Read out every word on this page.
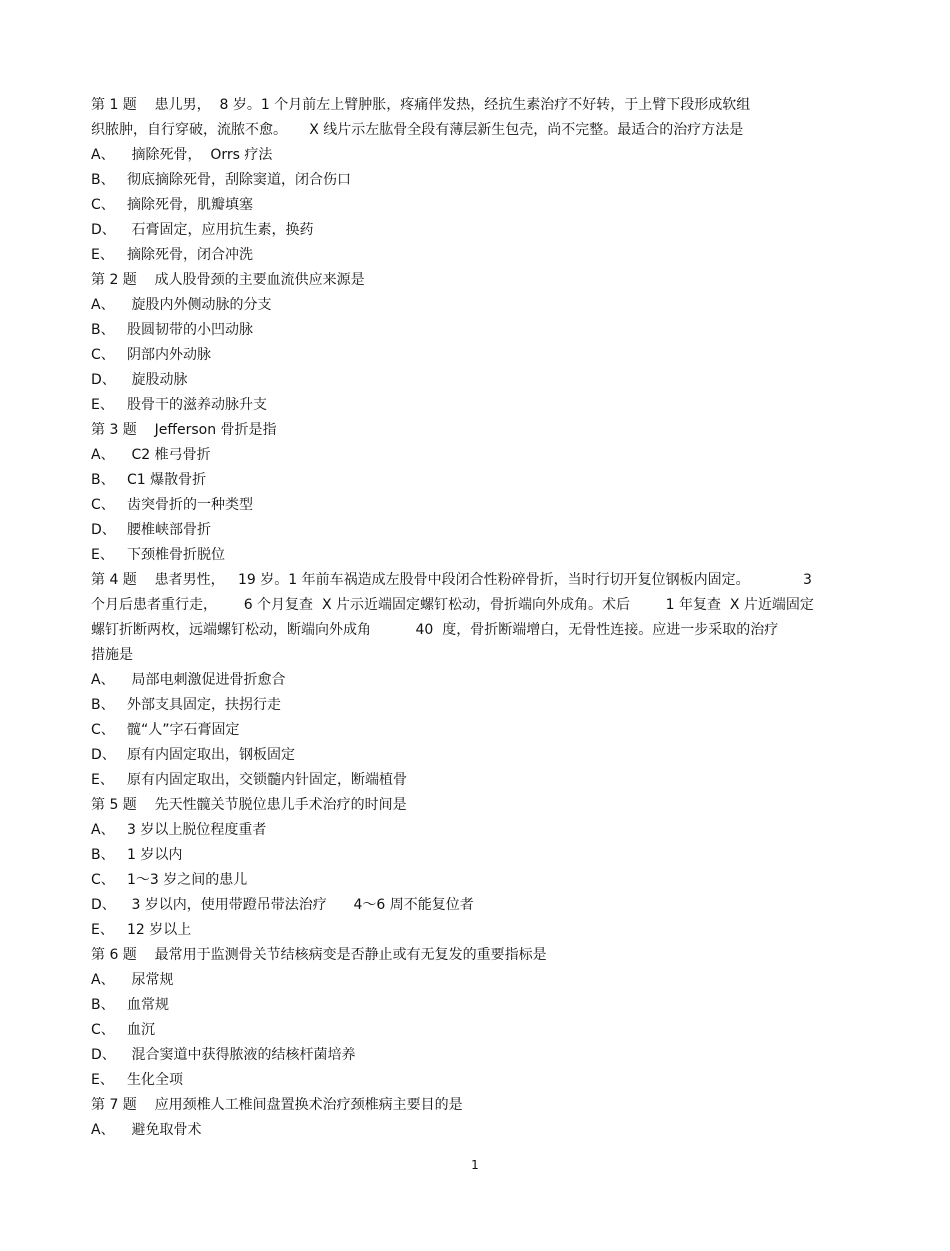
第 1 题    患儿男，  8 岁。1 个月前左上臂肿胀，疼痛伴发热，经抗生素治疗不好转，于上臂下段形成软组
织脓肿，自行穿破，流脓不愈。     X 线片示左肱骨全段有薄层新生包壳，尚不完整。最适合的治疗方法是
A、 摘除死骨，  Orrs 疗法
B、 彻底摘除死骨，刮除窦道，闭合伤口
C、 摘除死骨，肌瓣填塞
D、 石膏固定，应用抗生素，换药
E、 摘除死骨，闭合冲洗
第 2 题    成人股骨颈的主要血流供应来源是
A、 旋股内外侧动脉的分支
B、 股圆韧带的小凹动脉
C、 阴部内外动脉
D、 旋股动脉
E、 股骨干的滋养动脉升支
第 3 题    Jefferson 骨折是指
A、 C2 椎弓骨折
B、 C1 爆散骨折
C、 齿突骨折的一种类型
D、 腰椎峡部骨折
E、 下颈椎骨折脱位
第 4 题    患者男性，   19 岁。1 年前车祸造成左股骨中段闭合性粉碎骨折，当时行切开复位钢板内固定。            3
个月后患者重行走，      6 个月复查  X 片示近端固定螺钉松动，骨折端向外成角。术后        1 年复查  X 片近端固定
螺钉折断两枚，远端螺钉松动，断端向外成角          40  度，骨折断端增白，无骨性连接。应进一步采取的治疗
措施是
A、 局部电刺激促进骨折愈合
B、 外部支具固定，扶拐行走
C、 髋“人”字石膏固定
D、 原有内固定取出，钢板固定
E、 原有内固定取出，交锁髓内针固定，断端植骨
第 5 题    先天性髋关节脱位患儿手术治疗的时间是
A、 3 岁以上脱位程度重者
B、 1 岁以内
C、 1～3 岁之间的患儿
D、 3 岁以内，使用带蹬吊带法治疗      4～6 周不能复位者
E、 12 岁以上
第 6 题    最常用于监测骨关节结核病变是否静止或有无复发的重要指标是
A、 尿常规
B、 血常规
C、 血沉
D、 混合窦道中获得脓液的结核杆菌培养
E、 生化全项
第 7 题    应用颈椎人工椎间盘置换术治疗颈椎病主要目的是
A、 避免取骨术
1
